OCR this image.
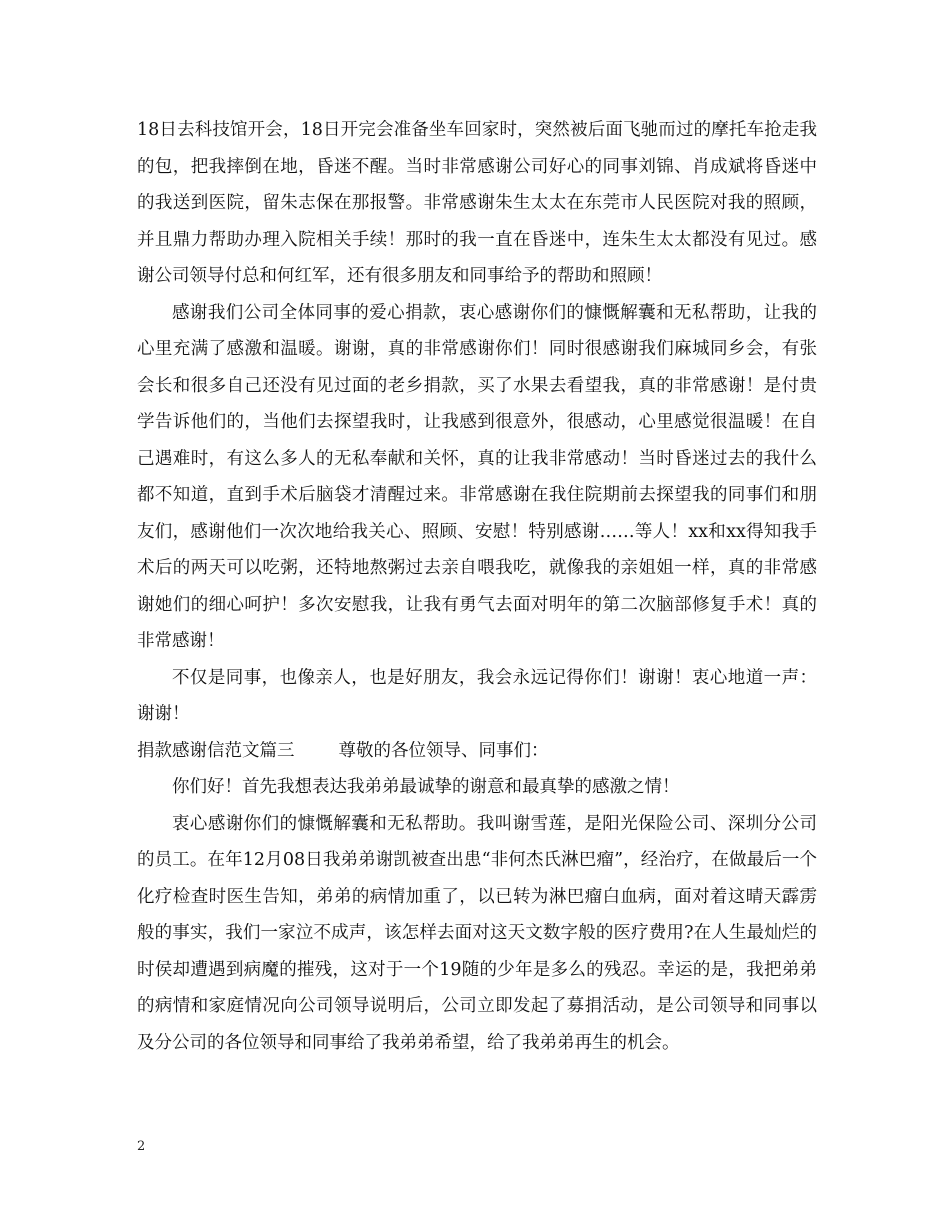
18日去科技馆开会，18日开完会准备坐车回家时，突然被后面飞驰而过的摩托车抢走我的包，把我摔倒在地，昏迷不醒。当时非常感谢公司好心的同事刘锦、肖成斌将昏迷中的我送到医院，留朱志保在那报警。非常感谢朱生太太在东莞市人民医院对我的照顾，并且鼎力帮助办理入院相关手续！那时的我一直在昏迷中，连朱生太太都没有见过。感谢公司领导付总和何红军，还有很多朋友和同事给予的帮助和照顾！

感谢我们公司全体同事的爱心捐款，衷心感谢你们的慷慨解囊和无私帮助，让我的心里充满了感激和温暖。谢谢，真的非常感谢你们！同时很感谢我们麻城同乡会，有张会长和很多自己还没有见过面的老乡捐款，买了水果去看望我，真的非常感谢！是付贵学告诉他们的，当他们去探望我时，让我感到很意外，很感动，心里感觉很温暖！在自己遇难时，有这么多人的无私奉献和关怀，真的让我非常感动！当时昏迷过去的我什么都不知道，直到手术后脑袋才清醒过来。非常感谢在我住院期前去探望我的同事们和朋友们，感谢他们一次次地给我关心、照顾、安慰！特别感谢……等人！xx和xx得知我手术后的两天可以吃粥，还特地熬粥过去亲自喂我吃，就像我的亲姐姐一样，真的非常感谢她们的细心呵护！多次安慰我，让我有勇气去面对明年的第二次脑部修复手术！真的非常感谢！

不仅是同事，也像亲人，也是好朋友，我会永远记得你们！谢谢！衷心地道一声：谢谢！

捐款感谢信范文篇三	尊敬的各位领导、同事们：

你们好！首先我想表达我弟弟最诚挚的谢意和最真挚的感激之情！

衷心感谢你们的慷慨解囊和无私帮助。我叫谢雪莲，是阳光保险公司、深圳分公司的员工。在年12月08日我弟弟谢凯被查出患“非何杰氏淋巴瘤”，经治疗，在做最后一个化疗检查时医生告知，弟弟的病情加重了，以已转为淋巴瘤白血病，面对着这晴天霹雳般的事实，我们一家泣不成声，该怎样去面对这天文数字般的医疗费用?在人生最灿烂的时侯却遭遇到病魔的摧残，这对于一个19随的少年是多么的残忍。幸运的是，我把弟弟的病情和家庭情况向公司领导说明后，公司立即发起了募捐活动，是公司领导和同事以及分公司的各位领导和同事给了我弟弟希望，给了我弟弟再生的机会。

2
